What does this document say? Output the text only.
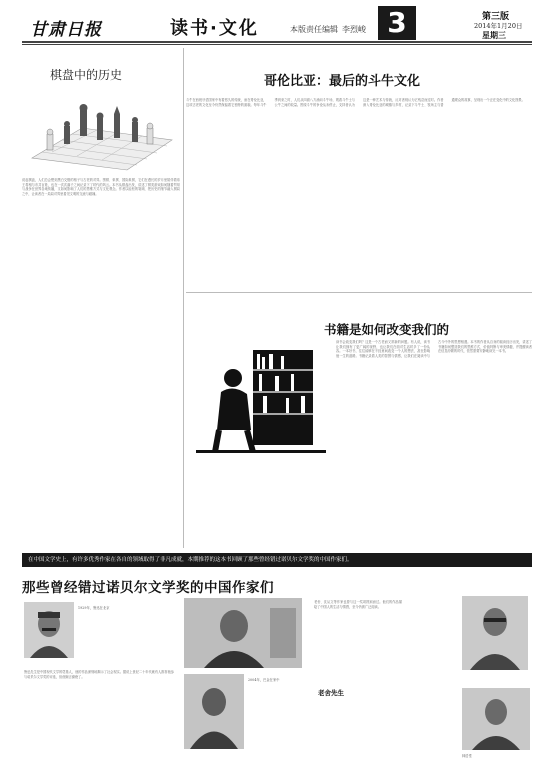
甘肃日报	读书·文化	本版责任编辑 李烈峻 3	第三版
2014年1月20日
星期三
棋盘中的历史
说起棋盘，人们总会想到黑白交错的格子与古老的对弈。围棋、象棋、国际象棋，它们在漫长的岁月里陪伴着帝王将相与市井百姓，也在一次次落子之间记录下了时代的风云。本书从棋盘出发，讲述了棋类游戏如何随着贸易与战争在世界各地传播，又如何影响了人们的思维方式与文化观念。作者以轻松的笔调，把历史的细节融入棋局之中，让读者在一局局对弈里看见文明的交流与碰撞。
哥伦比亚：最后的斗牛文化
斗牛在西班牙语国家中有着悠久的传统，而在哥伦比亚，这项古老的文化至今仍然保留着它独特的面貌。每年斗牛季到来之时，人们从四面八方涌向斗牛场，观看斗牛士与公牛之间的较量。围绕斗牛的争论从未停止，支持者认为这是一种艺术与传统，反对者则认为它残忍而过时。作者深入哥伦比亚的城镇与乡村，记录下斗牛士、牧场主与普通观众的故事，呈现出一个正在变化中的文化图景。
书籍是如何改变我们的
读书会改变我们吗？这是一个古老而又常新的问题。有人说，读书让我们拥有了更广阔的视野，也让我们在面对生活时多了一份从容。一本好书，往往能够在不经意间改变一个人的想法，甚至影响他一生的道路。书籍记录着人类的智慧与情感，让我们在阅读中与古今中外的思想相遇。本书的作者从自身的阅读经历出发，讲述了书籍如何塑造我们的思维方式、价值判断与审美情趣，并提醒读者在信息纷繁的时代，依然需要安静地读完一本书。
在中国文学史上，有许多优秀作家在各自的领域取得了非凡成就，本期推荐的这本书回顾了那些曾经错过诺贝尔文学奖的中国作家们。
那些曾经错过诺贝尔文学奖的中国作家们
1929年，鲁迅在北京
鲁迅先生是中国现代文学的奠基人，他的作品深刻地揭示了社会现实。据说上世纪二十年代就有人推荐他参与诺贝尔文学奖的评选，但他婉言谢绝了。
2004年，巴金在家中
老舍、沈从文等作家也曾与这一奖项擦肩而过。他们的作品描绘了中国人的生活与情感，至今仍被广泛阅读。
老舍先生
林语堂
